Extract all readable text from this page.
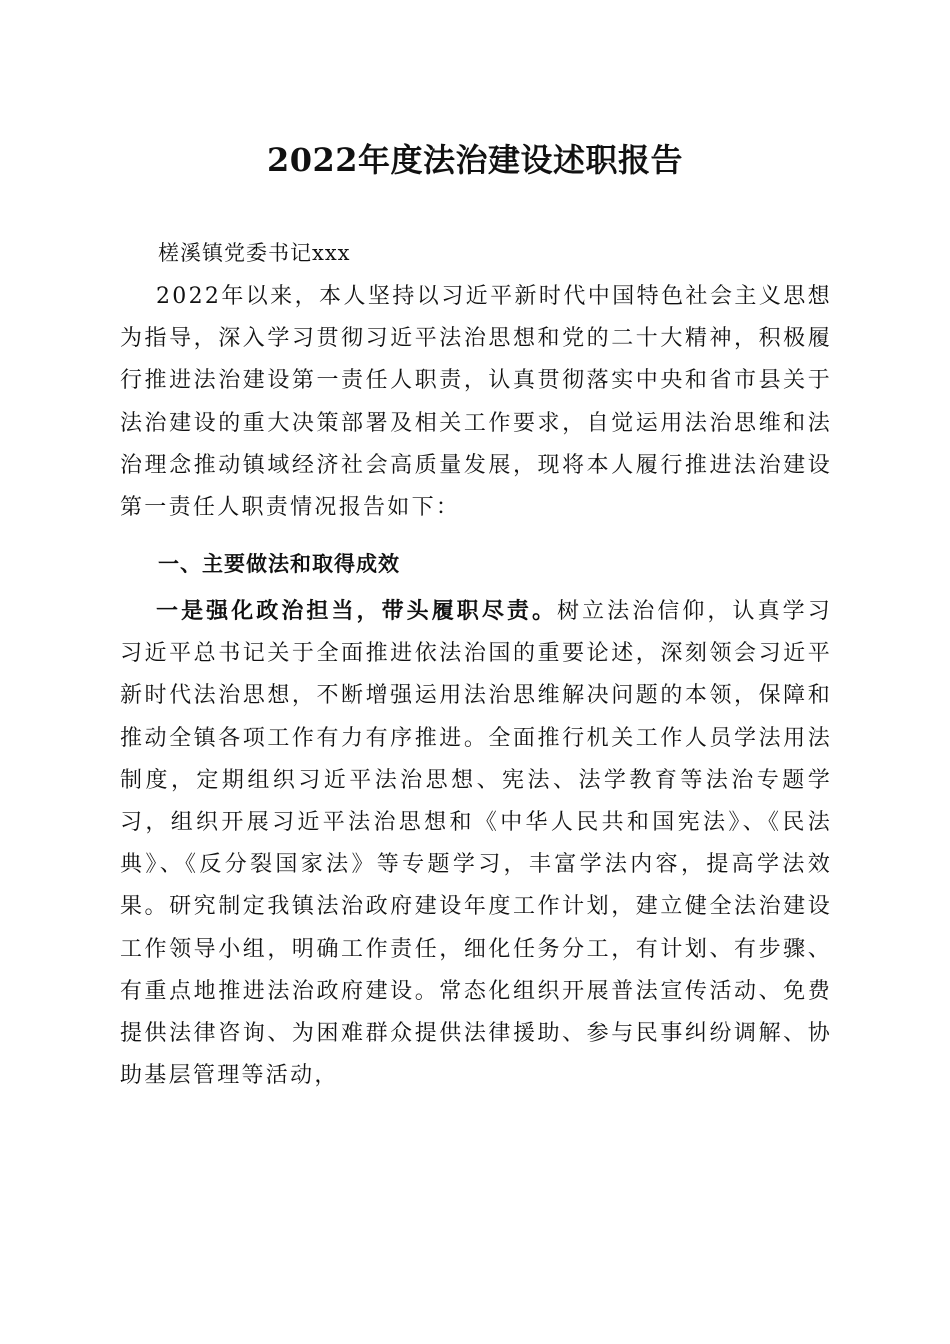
2022年度法治建设述职报告
槎溪镇党委书记xxx

2022年以来，本人坚持以习近平新时代中国特色社会主义思想为指导，深入学习贯彻习近平法治思想和党的二十大精神，积极履行推进法治建设第一责任人职责，认真贯彻落实中央和省市县关于法治建设的重大决策部署及相关工作要求，自觉运用法治思维和法治理念推动镇域经济社会高质量发展，现将本人履行推进法治建设第一责任人职责情况报告如下：

一、主要做法和取得成效

一是强化政治担当，带头履职尽责。树立法治信仰，认真学习习近平总书记关于全面推进依法治国的重要论述，深刻领会习近平新时代法治思想，不断增强运用法治思维解决问题的本领，保障和推动全镇各项工作有力有序推进。全面推行机关工作人员学法用法制度，定期组织习近平法治思想、宪法、法学教育等法治专题学习，组织开展习近平法治思想和《中华人民共和国宪法》、《民法典》、《反分裂国家法》等专题学习，丰富学法内容，提高学法效果。研究制定我镇法治政府建设年度工作计划，建立健全法治建设工作领导小组，明确工作责任，细化任务分工，有计划、有步骤、有重点地推进法治政府建设。常态化组织开展普法宣传活动、免费提供法律咨询、为困难群众提供法律援助、参与民事纠纷调解、协助基层管理等活动，
